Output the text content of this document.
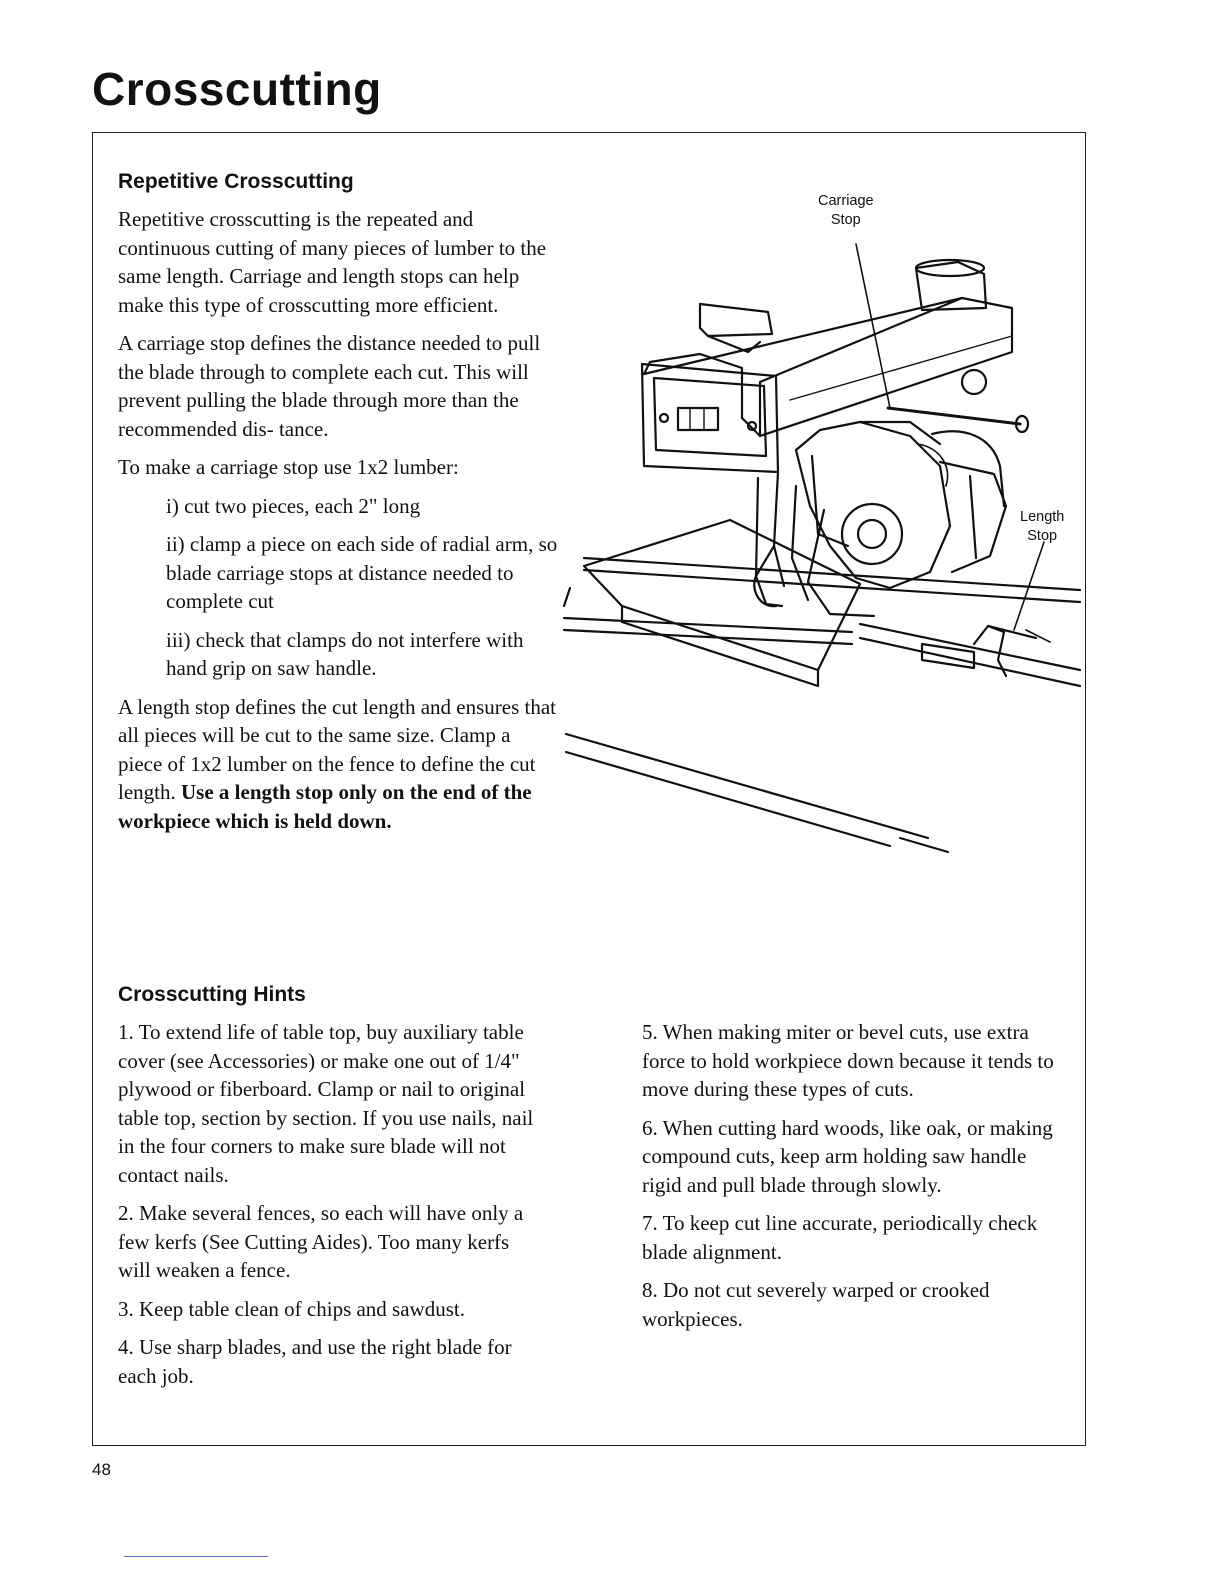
Crosscutting
Repetitive Crosscutting

Repetitive crosscutting is the repeated and continuous cutting of many pieces of lumber to the same length. Carriage and length stops can help make this type of crosscutting more efficient.

A carriage stop defines the distance needed to pull the blade through to complete each cut. This will prevent pulling the blade through more than the recommended dis- tance.

To make a carriage stop use 1x2 lumber:

i) cut two pieces, each 2" long

ii) clamp a piece on each side of radial arm, so blade carriage stops at distance needed to complete cut

iii) check that clamps do not interfere with hand grip on saw handle.

A length stop defines the cut length and ensures that all pieces will be cut to the same size. Clamp a piece of 1x2 lumber on the fence to define the cut length. Use a length stop only on the end of the workpiece which is held down.

Carriage
Stop
Length
Stop
Crosscutting Hints

1. To extend life of table top, buy auxiliary table cover (see Accessories) or make one out of 1/4" plywood or fiberboard. Clamp or nail to original table top, section by section. If you use nails, nail in the four corners to make sure blade will not contact nails.

2. Make several fences, so each will have only a few kerfs (See Cutting Aides). Too many kerfs will weaken a fence.

3. Keep table clean of chips and sawdust.

4. Use sharp blades, and use the right blade for each job.

5. When making miter or bevel cuts, use extra force to hold workpiece down because it tends to move during these types of cuts.

6. When cutting hard woods, like oak, or making compound cuts, keep arm holding saw handle rigid and pull blade through slowly.

7. To keep cut line accurate, periodically check blade alignment.

8. Do not cut severely warped or crooked workpieces.

48
